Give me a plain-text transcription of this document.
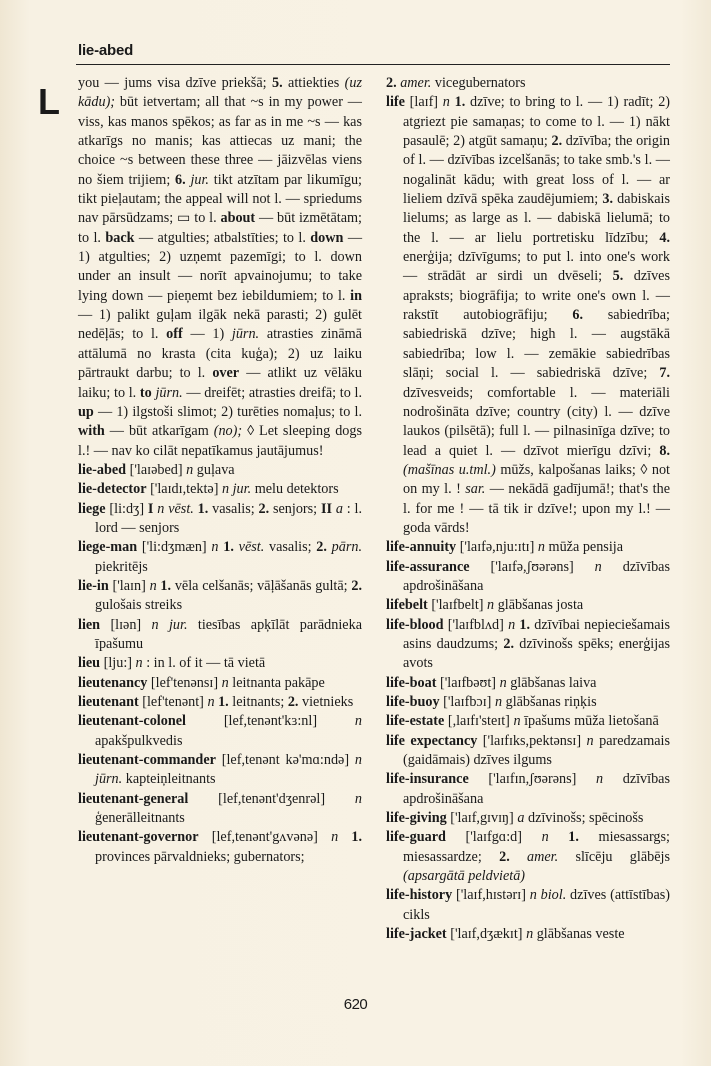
lie-abed
L you — jums visa dzīve priekšā; 5. attiekties (uz kādu); būt ietvertam; all that ~s in my power — viss, kas manos spēkos; as far as in me ~s — kas atkarīgs no manis; kas attiecas uz mani; the choice ~s between these three — jāizvēlas viens no šiem trijiem; 6. jur. tikt atzītam par likumīgu; tikt pieļautam; the appeal will not l. — spriedums nav pārsūdzams; ▭ to l. about — būt izmētātam; to l. back — atgulties; atbalstīties; to l. down — 1) atgulties; 2) uzņemt pazemīgi; to l. down under an insult — norīt apvainojumu; to take lying down — pieņemt bez iebildumiem; to l. in — 1) palikt guļam ilgāk nekā parasti; 2) gulēt nedēļās; to l. off — 1) jūrn. atrasties zināmā attālumā no krasta (cita kuģa); 2) uz laiku pārtraukt darbu; to l. over — atlikt uz vēlāku laiku; to l. to jūrn. — dreifēt; atrasties dreifā; to l. up — 1) ilgstoši slimot; 2) turēties nomaļus; to l. with — būt atkarīgam (no); ◊ Let sleeping dogs l.! — nav ko cilāt nepatīkamus jautājumus!

lie-abed ['laɪəbed] n guļava

lie-detector ['laɪdɪ,tektə] n jur. melu detektors

liege [li:dʒ] I n vēst. 1. vasalis; 2. senjors; II a : l. lord — senjors

liege-man ['li:dʒmæn] n 1. vēst. vasalis; 2. pārn. piekritējs

lie-in ['laɪn] n 1. vēla celšanās; vāļāšanās gultā; 2. gulošais streiks

lien [lɪən] n jur. tiesības apķīlāt parādnieka īpašumu

lieu [lju:] n : in l. of it — tā vietā

lieutenancy [lef'tenənsɪ] n leitnanta pakāpe

lieutenant [lef'tenənt] n 1. leitnants; 2. vietnieks

lieutenant-colonel [lef,tenənt'kɜ:nl] n apakšpulkvedis

lieutenant-commander [lef,tenənt kə'mɑ:ndə] n jūrn. kapteiņleitnants

lieutenant-general [lef,tenənt'dʒenrəl] n ģenerālleitnants

lieutenant-governor [lef,tenənt'gʌvənə] n 1. provinces pārvaldnieks; gubernators;

2. amer. vicegubernators

life [laɪf] n 1. dzīve; to bring to l. — 1) radīt; 2) atgriezt pie samaņas; to come to l. — 1) nākt pasaulē; 2) atgūt samaņu; 2. dzīvība; the origin of l. — dzīvības izcelšanās; to take smb.'s l. — nogalināt kādu; with great loss of l. — ar lieliem dzīvā spēka zaudējumiem; 3. dabiskais lielums; as large as l. — dabiskā lielumā; to the l. — ar lielu portretisku līdzību; 4. enerģija; dzīvīgums; to put l. into one's work — strādāt ar sirdi un dvēseli; 5. dzīves apraksts; biogrāfija; to write one's own l. — rakstīt autobiogrāfiju; 6. sabiedrība; sabiedriskā dzīve; high l. — augstākā sabiedrība; low l. — zemākie sabiedrības slāņi; social l. — sabiedriskā dzīve; 7. dzīvesveids; comfortable l. — materiāli nodrošināta dzīve; country (city) l. — dzīve laukos (pilsētā); full l. — pilnasinīga dzīve; to lead a quiet l. — dzīvot mierīgu dzīvi; 8. (mašīnas u.tml.) mūžs, kalpošanas laiks; ◊ not on my l. ! sar. — nekādā gadījumā!; that's the l. for me ! — tā tik ir dzīve!; upon my l.! — goda vārds!

life-annuity ['laɪfə,nju:ɪtɪ] n mūža pensija

life-assurance ['laɪfə,ʃʊərəns] n dzīvības apdrošināšana

lifebelt ['laɪfbelt] n glābšanas josta

life-blood ['laɪfblʌd] n 1. dzīvībai nepieciešamais asins daudzums; 2. dzīvinošs spēks; enerģijas avots

life-boat ['laɪfbəʊt] n glābšanas laiva

life-buoy ['laɪfbɔɪ] n glābšanas riņķis

life-estate [,laɪfɪ'steɪt] n īpašums mūža lietošanā

life expectancy ['laɪfɪks,pektənsɪ] n paredzamais (gaidāmais) dzīves ilgums

life-insurance ['laɪfɪn,ʃʊərəns] n dzīvības apdrošināšana

life-giving ['laɪf,gɪvɪŋ] a dzīvinošs; spēcinošs

life-guard ['laɪfgɑ:d] n 1. miesassargs; miesassardze; 2. amer. slīcēju glābējs (apsargātā peldvietā)

life-history ['laɪf,hɪstərɪ] n biol. dzīves (attīstības) cikls

life-jacket ['laɪf,dʒækɪt] n glābšanas veste

620
